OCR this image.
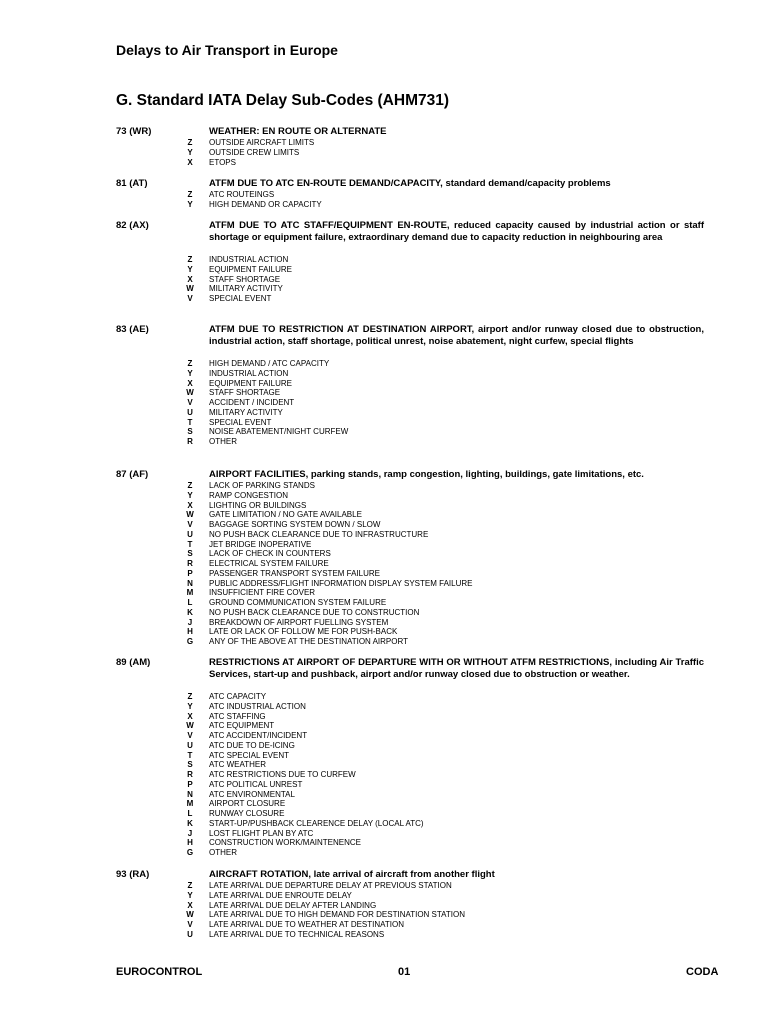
Delays to Air Transport in Europe
G. Standard IATA Delay Sub-Codes (AHM731)
73 (WR)	WEATHER: EN ROUTE OR ALTERNATE
Z	OUTSIDE AIRCRAFT LIMITS
Y	OUTSIDE CREW LIMITS
X	ETOPS
81 (AT)	ATFM DUE TO ATC EN-ROUTE DEMAND/CAPACITY, standard demand/capacity problems
Z	ATC ROUTEINGS
Y	HIGH DEMAND OR CAPACITY
82 (AX)	ATFM DUE TO ATC STAFF/EQUIPMENT EN-ROUTE, reduced capacity caused by industrial action or staff shortage or equipment failure, extraordinary demand due to capacity reduction in neighbouring area
Z	INDUSTRIAL ACTION
Y	EQUIPMENT FAILURE
X	STAFF SHORTAGE
W MILITARY ACTIVITY
V	SPECIAL EVENT
83 (AE)	ATFM DUE TO RESTRICTION AT DESTINATION AIRPORT, airport and/or runway closed due to obstruction, industrial action, staff shortage, political unrest, noise abatement, night curfew, special flights
Z	HIGH DEMAND / ATC CAPACITY
Y	INDUSTRIAL ACTION
X	EQUIPMENT FAILURE
W STAFF SHORTAGE
V	ACCIDENT / INCIDENT
U	MILITARY ACTIVITY
T	SPECIAL EVENT
S	NOISE ABATEMENT/NIGHT CURFEW
R	OTHER
87 (AF)	AIRPORT FACILITIES, parking stands, ramp congestion, lighting, buildings, gate limitations, etc.
Z	LACK OF PARKING STANDS
Y	RAMP CONGESTION
X	LIGHTING OR BUILDINGS
W GATE LIMITATION / NO GATE AVAILABLE
V	BAGGAGE SORTING SYSTEM DOWN / SLOW
U	NO PUSH BACK CLEARANCE DUE TO INFRASTRUCTURE
T	JET BRIDGE INOPERATIVE
S	LACK OF CHECK IN COUNTERS
R	ELECTRICAL SYSTEM FAILURE
P	PASSENGER TRANSPORT SYSTEM FAILURE
N	PUBLIC ADDRESS/FLIGHT INFORMATION DISPLAY SYSTEM FAILURE
M	INSUFFICIENT FIRE COVER
L	GROUND COMMUNICATION SYSTEM FAILURE
K	NO PUSH BACK CLEARANCE DUE TO CONSTRUCTION
J	BREAKDOWN OF AIRPORT FUELLING SYSTEM
H	LATE OR LACK OF FOLLOW ME FOR PUSH-BACK
G	ANY OF THE ABOVE AT THE DESTINATION AIRPORT
89 (AM)	RESTRICTIONS AT AIRPORT OF DEPARTURE WITH OR WITHOUT ATFM RESTRICTIONS, including Air Traffic Services, start-up and pushback, airport and/or runway closed due to obstruction or weather.
Z	ATC CAPACITY
Y	ATC INDUSTRIAL ACTION
X	ATC STAFFING
W ATC EQUIPMENT
V	ATC ACCIDENT/INCIDENT
U	ATC DUE TO DE-ICING
T	ATC SPECIAL EVENT
S	ATC WEATHER
R	ATC RESTRICTIONS DUE TO CURFEW
P	ATC POLITICAL UNREST
N	ATC ENVIRONMENTAL
M	AIRPORT CLOSURE
L	RUNWAY CLOSURE
K	START-UP/PUSHBACK CLEARENCE DELAY (LOCAL ATC)
J	LOST FLIGHT PLAN BY ATC
H	CONSTRUCTION WORK/MAINTENENCE
G	OTHER
93 (RA)	AIRCRAFT ROTATION, late arrival of aircraft from another flight
Z	LATE ARRIVAL DUE DEPARTURE DELAY AT PREVIOUS STATION
Y	LATE ARRIVAL DUE ENROUTE DELAY
X	LATE ARRIVAL DUE DELAY AFTER LANDING
W LATE ARRIVAL DUE TO HIGH DEMAND FOR DESTINATION STATION
V	LATE ARRIVAL DUE TO WEATHER AT DESTINATION
U	LATE ARRIVAL DUE TO TECHNICAL REASONS
EUROCONTROL	01	CODA
